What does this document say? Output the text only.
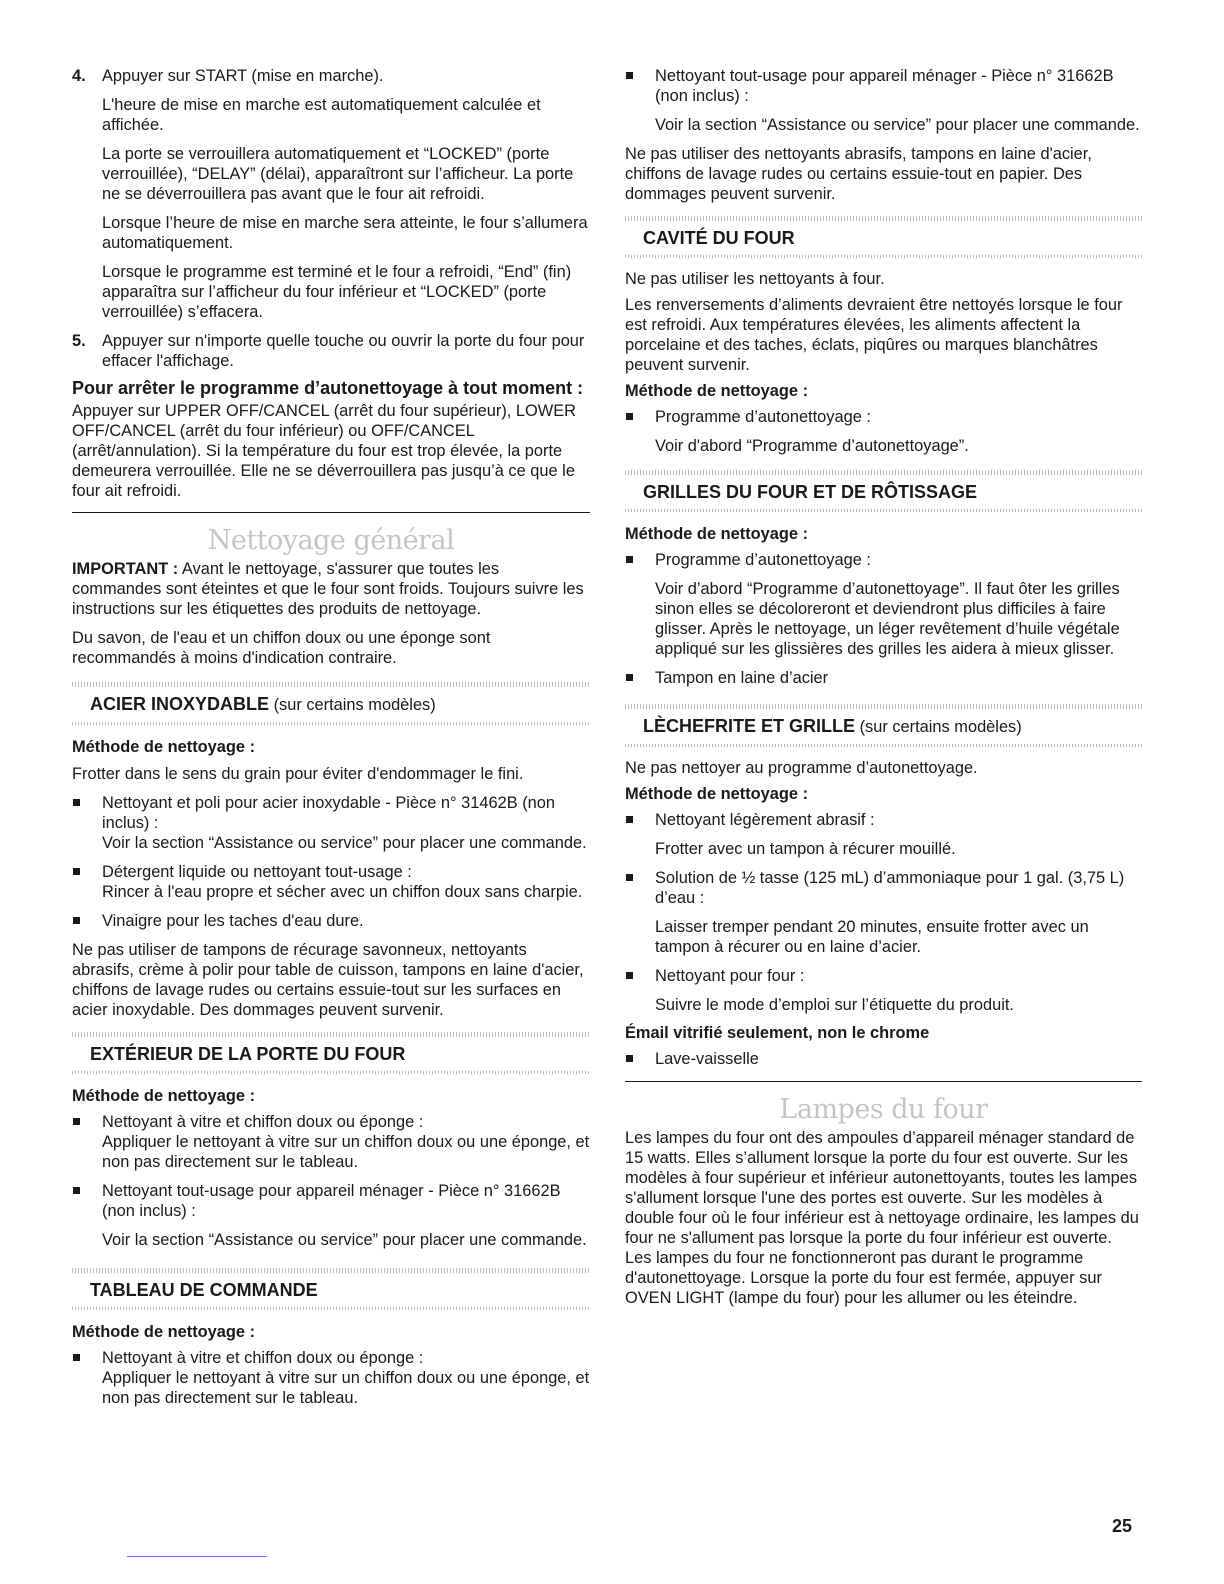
4. Appuyer sur START (mise en marche).

L'heure de mise en marche est automatiquement calculée et affichée.

La porte se verrouillera automatiquement et “LOCKED” (porte verrouillée), “DELAY” (délai), apparaîtront sur l’afficheur. La porte ne se déverrouillera pas avant que le four ait refroidi.

Lorsque l’heure de mise en marche sera atteinte, le four s’allumera automatiquement.

Lorsque le programme est terminé et le four a refroidi, “End” (fin) apparaîtra sur l’afficheur du four inférieur et “LOCKED” (porte verrouillée) s’effacera.

5. Appuyer sur n'importe quelle touche ou ouvrir la porte du four pour effacer l'affichage.

Pour arrêter le programme d’autonettoyage à tout moment :

Appuyer sur UPPER OFF/CANCEL (arrêt du four supérieur), LOWER OFF/CANCEL (arrêt du four inférieur) ou OFF/CANCEL (arrêt/annulation). Si la température du four est trop élevée, la porte demeurera verrouillée. Elle ne se déverrouillera pas jusqu’à ce que le four ait refroidi.

Nettoyage général

IMPORTANT : Avant le nettoyage, s'assurer que toutes les commandes sont éteintes et que le four sont froids. Toujours suivre les instructions sur les étiquettes des produits de nettoyage.

Du savon, de l'eau et un chiffon doux ou une éponge sont recommandés à moins d'indication contraire.

ACIER INOXYDABLE (sur certains modèles)

Méthode de nettoyage :

Frotter dans le sens du grain pour éviter d'endommager le fini.

Nettoyant et poli pour acier inoxydable - Pièce n° 31462B (non inclus) :

Voir la section “Assistance ou service” pour placer une commande.

Détergent liquide ou nettoyant tout-usage :

Rincer à l'eau propre et sécher avec un chiffon doux sans charpie.

Vinaigre pour les taches d'eau dure.

Ne pas utiliser de tampons de récurage savonneux, nettoyants abrasifs, crème à polir pour table de cuisson, tampons en laine d'acier, chiffons de lavage rudes ou certains essuie-tout sur les surfaces en acier inoxydable. Des dommages peuvent survenir.

EXTÉRIEUR DE LA PORTE DU FOUR

Méthode de nettoyage :

Nettoyant à vitre et chiffon doux ou éponge :

Appliquer le nettoyant à vitre sur un chiffon doux ou une éponge, et non pas directement sur le tableau.

Nettoyant tout-usage pour appareil ménager - Pièce n° 31662B (non inclus) :

Voir la section “Assistance ou service” pour placer une commande.

TABLEAU DE COMMANDE

Méthode de nettoyage :

Nettoyant à vitre et chiffon doux ou éponge :

Appliquer le nettoyant à vitre sur un chiffon doux ou une éponge, et non pas directement sur le tableau.

Nettoyant tout-usage pour appareil ménager - Pièce n° 31662B (non inclus) :

Voir la section “Assistance ou service” pour placer une commande.

Ne pas utiliser des nettoyants abrasifs, tampons en laine d'acier, chiffons de lavage rudes ou certains essuie-tout en papier. Des dommages peuvent survenir.

CAVITÉ DU FOUR

Ne pas utiliser les nettoyants à four.

Les renversements d’aliments devraient être nettoyés lorsque le four est refroidi. Aux températures élevées, les aliments affectent la porcelaine et des taches, éclats, piqûres ou marques blanchâtres peuvent survenir.

Méthode de nettoyage :

Programme d’autonettoyage :

Voir d'abord “Programme d’autonettoyage”.

GRILLES DU FOUR ET DE RÔTISSAGE

Méthode de nettoyage :

Programme d’autonettoyage :

Voir d’abord “Programme d’autonettoyage”. Il faut ôter les grilles sinon elles se décoloreront et deviendront plus difficiles à faire glisser. Après le nettoyage, un léger revêtement d’huile végétale appliqué sur les glissières des grilles les aidera à mieux glisser.

Tampon en laine d’acier

LÈCHEFRITE ET GRILLE (sur certains modèles)

Ne pas nettoyer au programme d’autonettoyage.

Méthode de nettoyage :

Nettoyant légèrement abrasif :

Frotter avec un tampon à récurer mouillé.

Solution de ½ tasse (125 mL) d’ammoniaque pour 1 gal. (3,75 L) d’eau :

Laisser tremper pendant 20 minutes, ensuite frotter avec un tampon à récurer ou en laine d’acier.

Nettoyant pour four :

Suivre le mode d’emploi sur l’étiquette du produit.

Émail vitrifié seulement, non le chrome

Lave-vaisselle

Lampes du four

Les lampes du four ont des ampoules d’appareil ménager standard de 15 watts. Elles s’allument lorsque la porte du four est ouverte. Sur les modèles à four supérieur et inférieur autonettoyants, toutes les lampes s'allument lorsque l'une des portes est ouverte. Sur les modèles à double four où le four inférieur est à nettoyage ordinaire, les lampes du four ne s'allument pas lorsque la porte du four inférieur est ouverte. Les lampes du four ne fonctionneront pas durant le programme d'autonettoyage. Lorsque la porte du four est fermée, appuyer sur OVEN LIGHT (lampe du four) pour les allumer ou les éteindre.

25
